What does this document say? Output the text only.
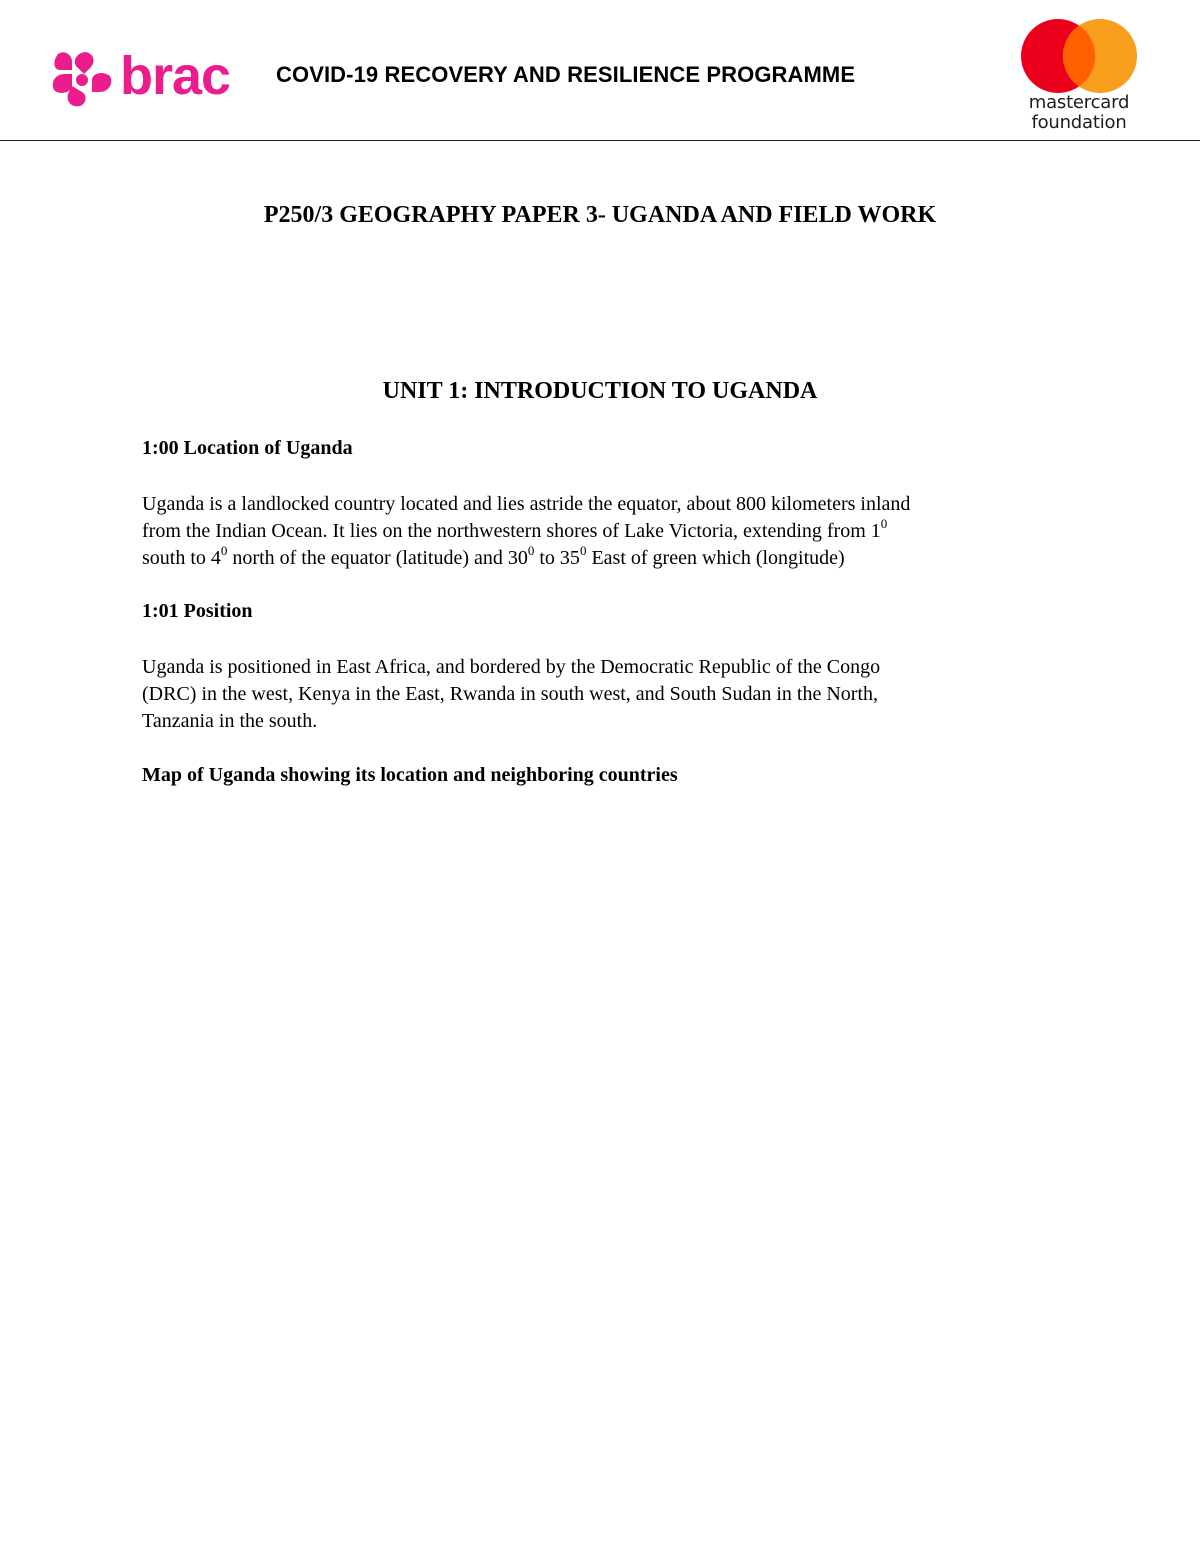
brac COVID-19 RECOVERY AND RESILIENCE PROGRAMME
mastercard
foundation
P250/3 GEOGRAPHY PAPER 3- UGANDA AND FIELD WORK
UNIT 1: INTRODUCTION TO UGANDA
1:00 Location of Uganda
Uganda is a landlocked country located and lies astride the equator, about 800 kilometers inland
from the Indian Ocean. It lies on the northwestern shores of Lake Victoria, extending from $1^0$
south to $4^0$ north of the equator (latitude) and $30^0$ to $35^0$ East of green which (longitude)
1:01 Position
Uganda is positioned in East Africa, and bordered by the Democratic Republic of the Congo
(DRC) in the west, Kenya in the East, Rwanda in south west, and South Sudan in the North,
Tanzania in the south.
Map of Uganda showing its location and neighboring countries
